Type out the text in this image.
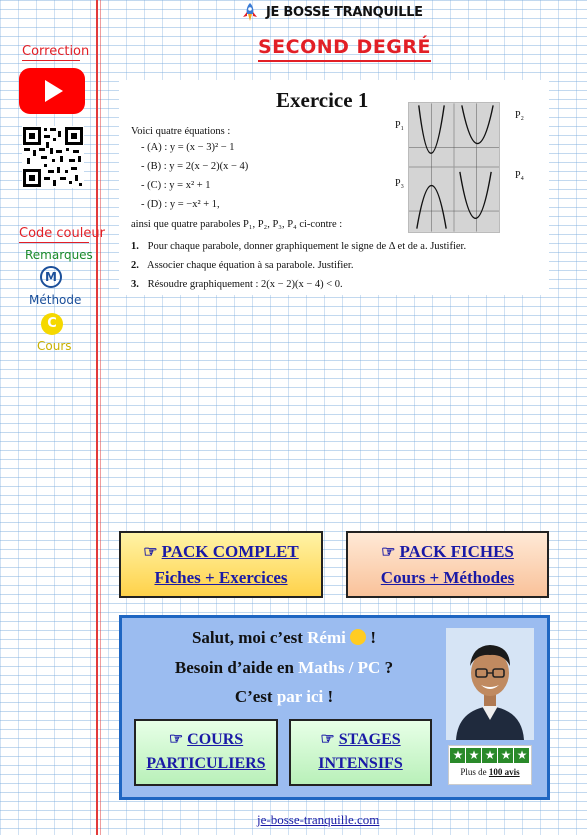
JE BOSSE TRANQUILLE
SECOND DEGRÉ
Correction
Code couleur
Remarques
M
Méthode
C
Cours
Exercice 1
Voici quatre équations :
- (A) : y = (x − 3)² − 1
- (B) : y = 2(x − 2)(x − 4)
- (C) : y = x² + 1
- (D) : y = −x² + 1,
ainsi que quatre paraboles P₁, P₂, P₃, P₄ ci-contre :
P₁
P₂
P₃
P₄
1. Pour chaque parabole, donner graphiquement le signe de Δ et de a. Justifier.
2. Associer chaque équation à sa parabole. Justifier.
3. Résoudre graphiquement : 2(x − 2)(x − 4) < 0.
☞ PACK COMPLET
Fiches + Exercices
☞ PACK FICHES
Cours + Méthodes
Salut, moi c’est Rémi  !
Besoin d’aide en Maths / PC ?
C’est par ici !
☞ COURS
PARTICULIERS
☞ STAGES
INTENSIFS	★ ★ ★ ★ ★
Plus de 100 avis
je-bosse-tranquille.com
